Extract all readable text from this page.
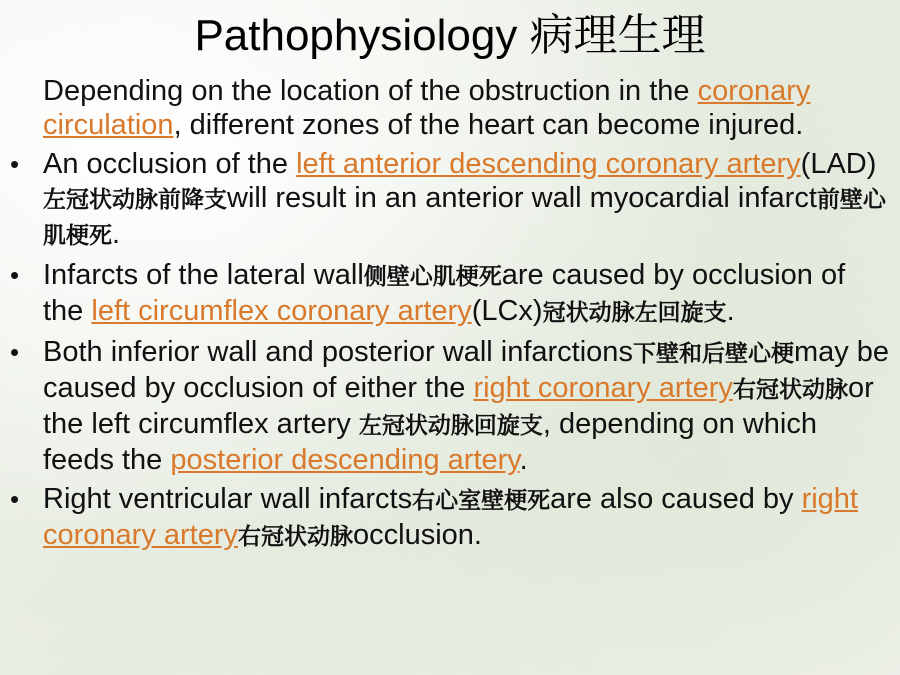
Pathophysiology 病理生理
Depending on the location of the obstruction in the coronary circulation, different zones of the heart can become injured.
• An occlusion of the left anterior descending coronary artery(LAD)左冠状动脉前降支will result in an anterior wall myocardial infarct前壁心肌梗死.
• Infarcts of the lateral wall侧壁心肌梗死are caused by occlusion of the left circumflex coronary artery(LCx)冠状动脉左回旋支.
• Both inferior wall and posterior wall infarctions下壁和后壁心梗may be caused by occlusion of either the right coronary artery右冠状动脉or the left circumflex artery 左冠状动脉回旋支, depending on which feeds the posterior descending artery.
• Right ventricular wall infarcts右心室壁梗死are also caused by right coronary artery右冠状动脉occlusion.
